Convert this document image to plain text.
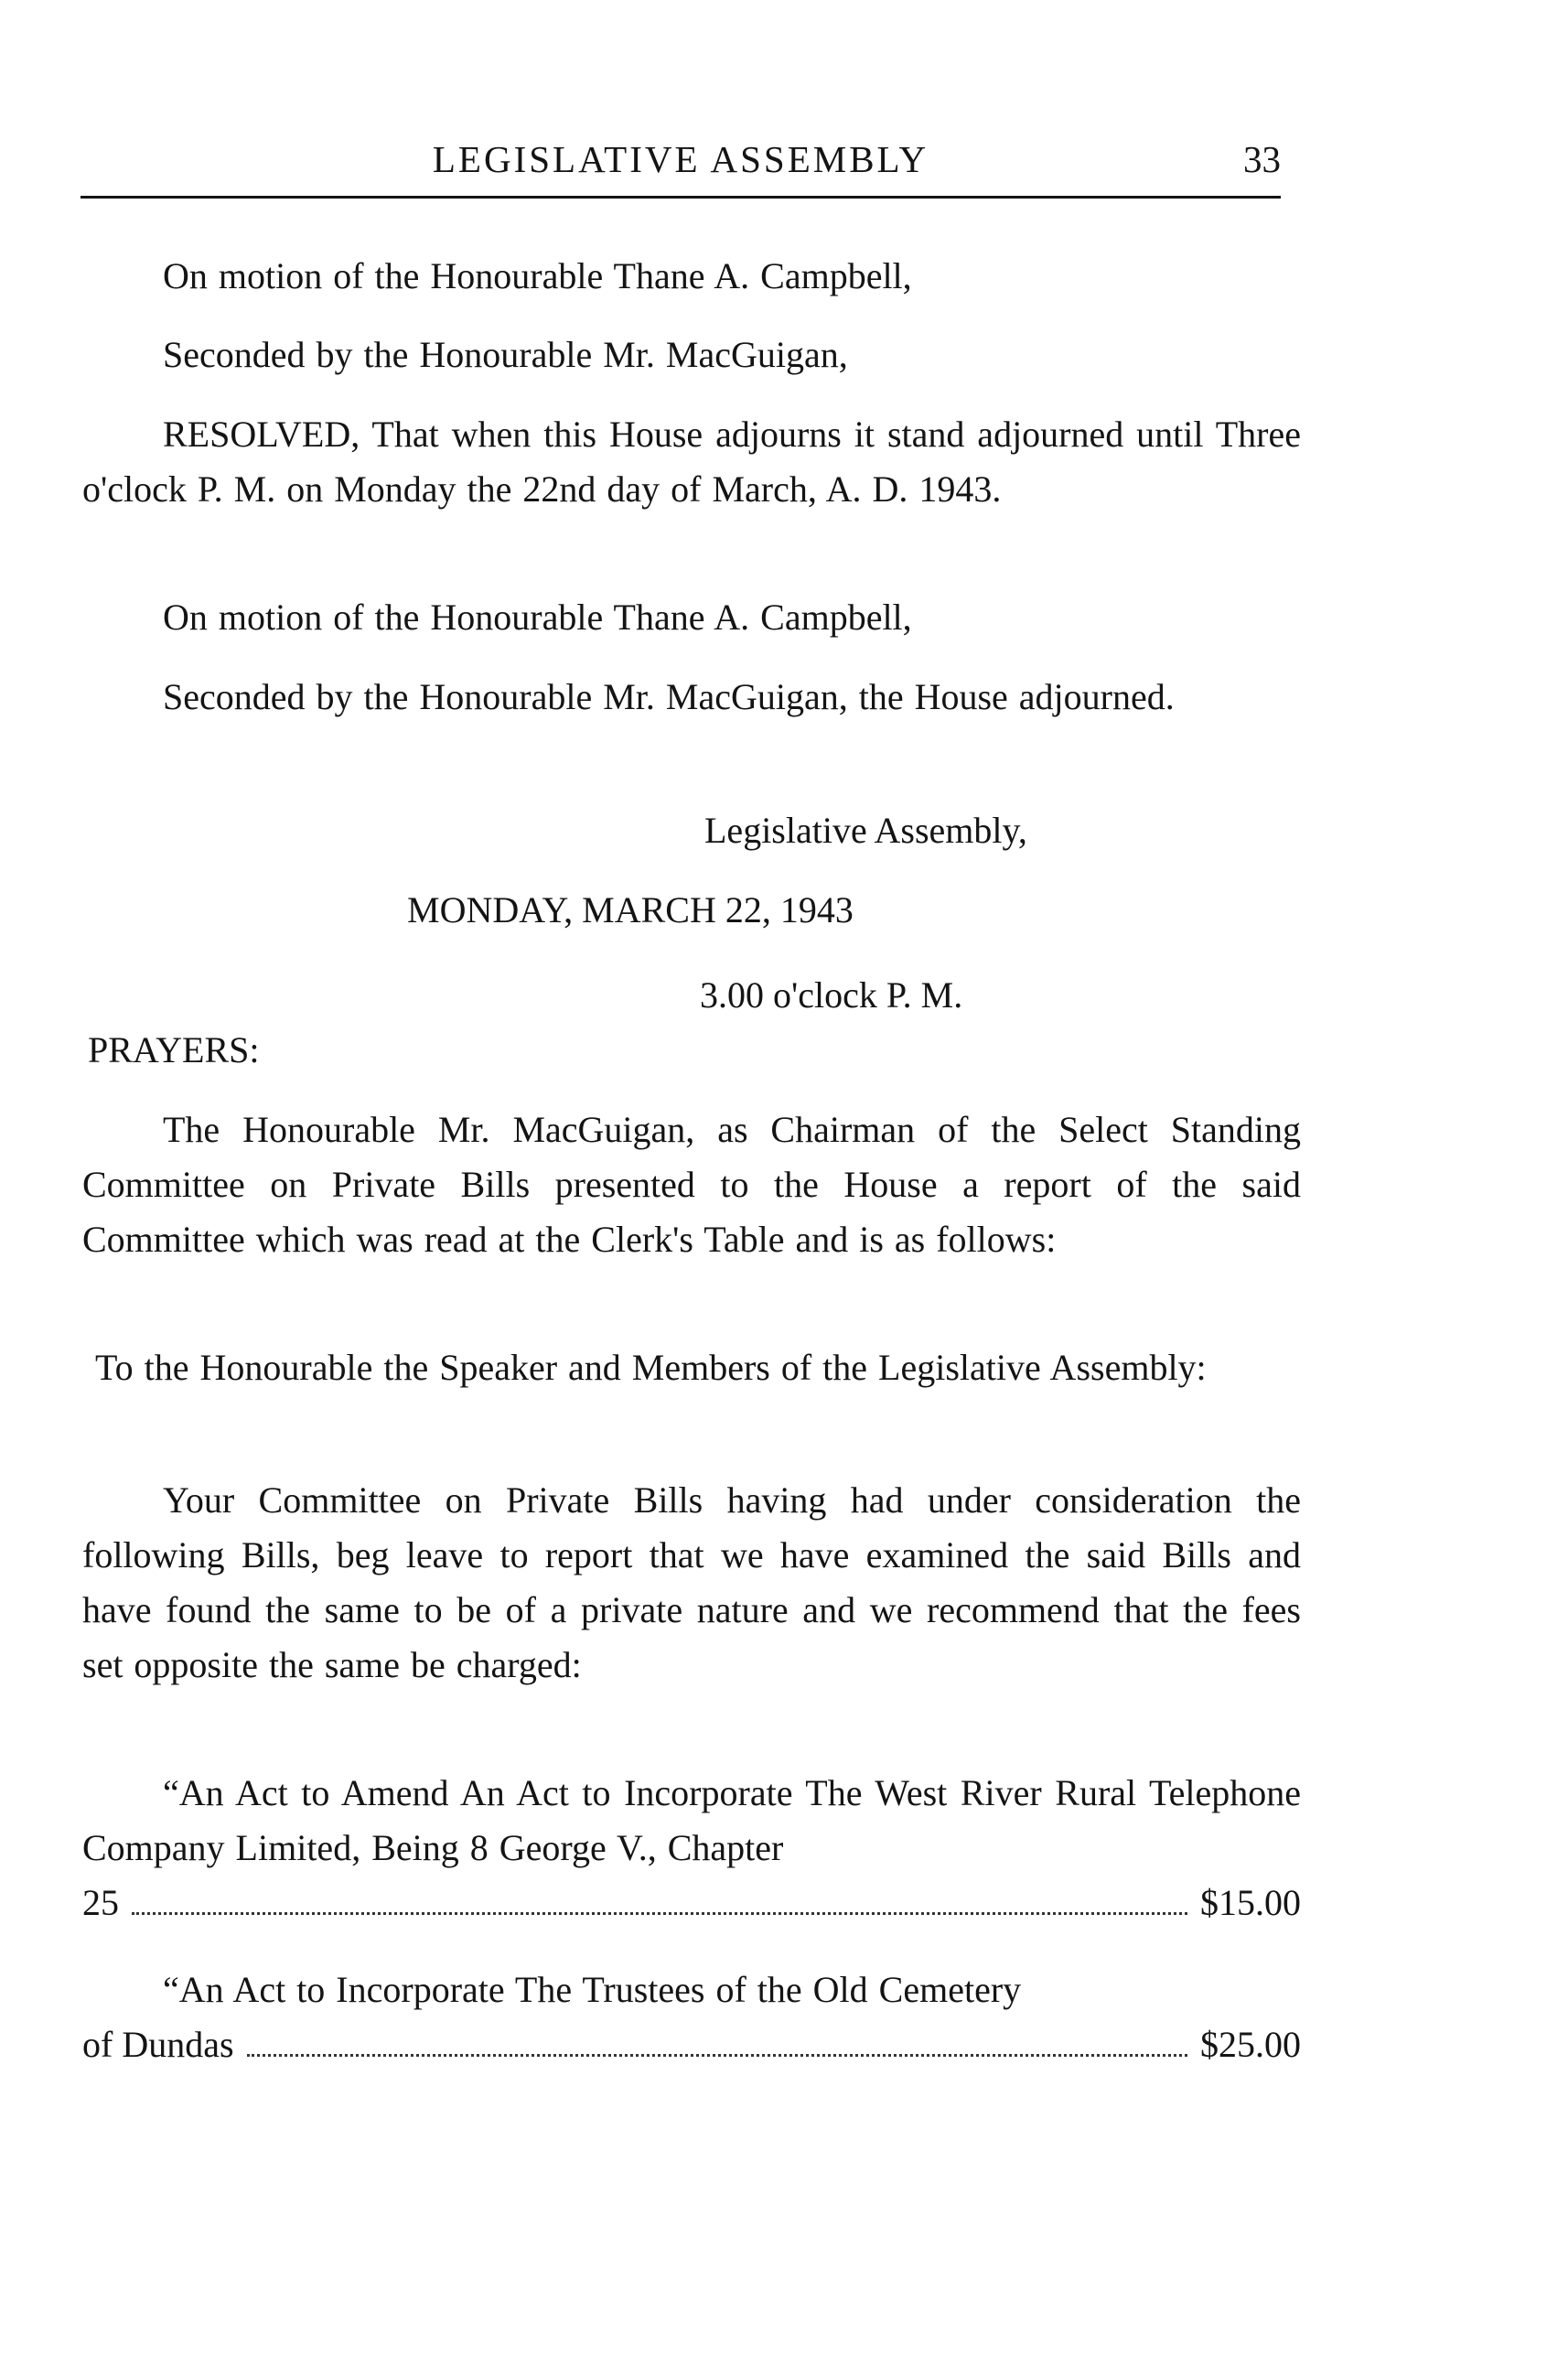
LEGISLATIVE ASSEMBLY	33
On motion of the Honourable Thane A. Campbell,
Seconded by the Honourable Mr. MacGuigan,
RESOLVED, That when this House adjourns it stand adjourned until Three o'clock P. M. on Monday the 22nd day of March, A. D. 1943.
On motion of the Honourable Thane A. Campbell,
Seconded by the Honourable Mr. MacGuigan, the House adjourned.
Legislative Assembly,
MONDAY, MARCH 22, 1943
3.00 o'clock P. M.
PRAYERS:
The Honourable Mr. MacGuigan, as Chairman of the Select Standing Committee on Private Bills presented to the House a report of the said Committee which was read at the Clerk's Table and is as follows:
To the Honourable the Speaker and Members of the Legislative Assembly:
Your Committee on Private Bills having had under consideration the following Bills, beg leave to report that we have examined the said Bills and have found the same to be of a private nature and we recommend that the fees set opposite the same be charged:
“An Act to Amend An Act to Incorporate The West River Rural Telephone Company Limited, Being 8 George V., Chapter
25	$15.00
“An Act to Incorporate The Trustees of the Old Cemetery
of Dundas	$25.00
